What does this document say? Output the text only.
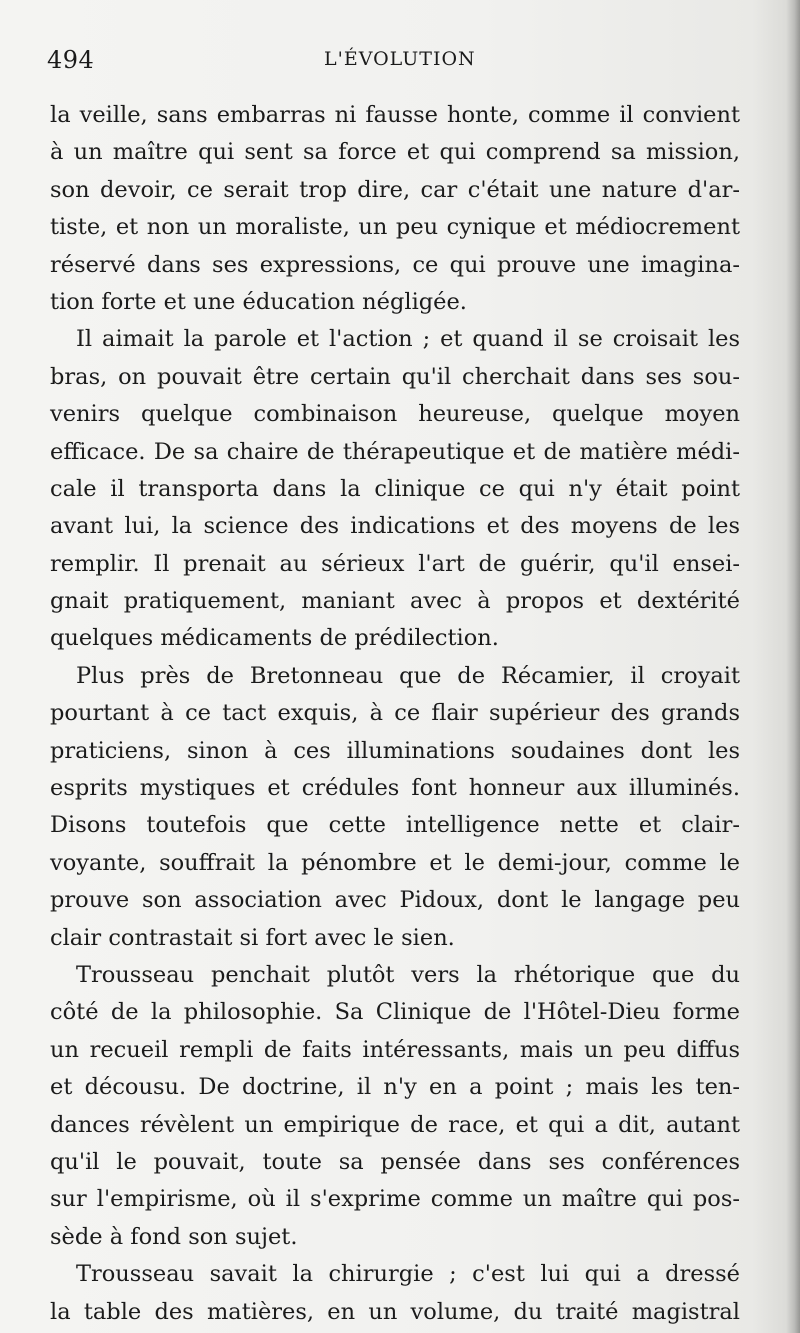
494	L'ÉVOLUTION
la veille, sans embarras ni fausse honte, comme il convient
à un maître qui sent sa force et qui comprend sa mission,
son devoir, ce serait trop dire, car c'était une nature d'ar-
tiste, et non un moraliste, un peu cynique et médiocrement
réservé dans ses expressions, ce qui prouve une imagina-
tion forte et une éducation négligée.
Il aimait la parole et l'action ; et quand il se croisait les
bras, on pouvait être certain qu'il cherchait dans ses sou-
venirs quelque combinaison heureuse, quelque moyen
efficace. De sa chaire de thérapeutique et de matière médi-
cale il transporta dans la clinique ce qui n'y était point
avant lui, la science des indications et des moyens de les
remplir. Il prenait au sérieux l'art de guérir, qu'il ensei-
gnait pratiquement, maniant avec à propos et dextérité
quelques médicaments de prédilection.
Plus près de Bretonneau que de Récamier, il croyait
pourtant à ce tact exquis, à ce flair supérieur des grands
praticiens, sinon à ces illuminations soudaines dont les
esprits mystiques et crédules font honneur aux illuminés.
Disons toutefois que cette intelligence nette et clair-
voyante, souffrait la pénombre et le demi-jour, comme le
prouve son association avec Pidoux, dont le langage peu
clair contrastait si fort avec le sien.
Trousseau penchait plutôt vers la rhétorique que du
côté de la philosophie. Sa Clinique de l'Hôtel-Dieu forme
un recueil rempli de faits intéressants, mais un peu diffus
et décousu. De doctrine, il n'y en a point ; mais les ten-
dances révèlent un empirique de race, et qui a dit, autant
qu'il le pouvait, toute sa pensée dans ses conférences
sur l'empirisme, où il s'exprime comme un maître qui pos-
sède à fond son sujet.
Trousseau savait la chirurgie ; c'est lui qui a dressé
la table des matières, en un volume, du traité magistral
